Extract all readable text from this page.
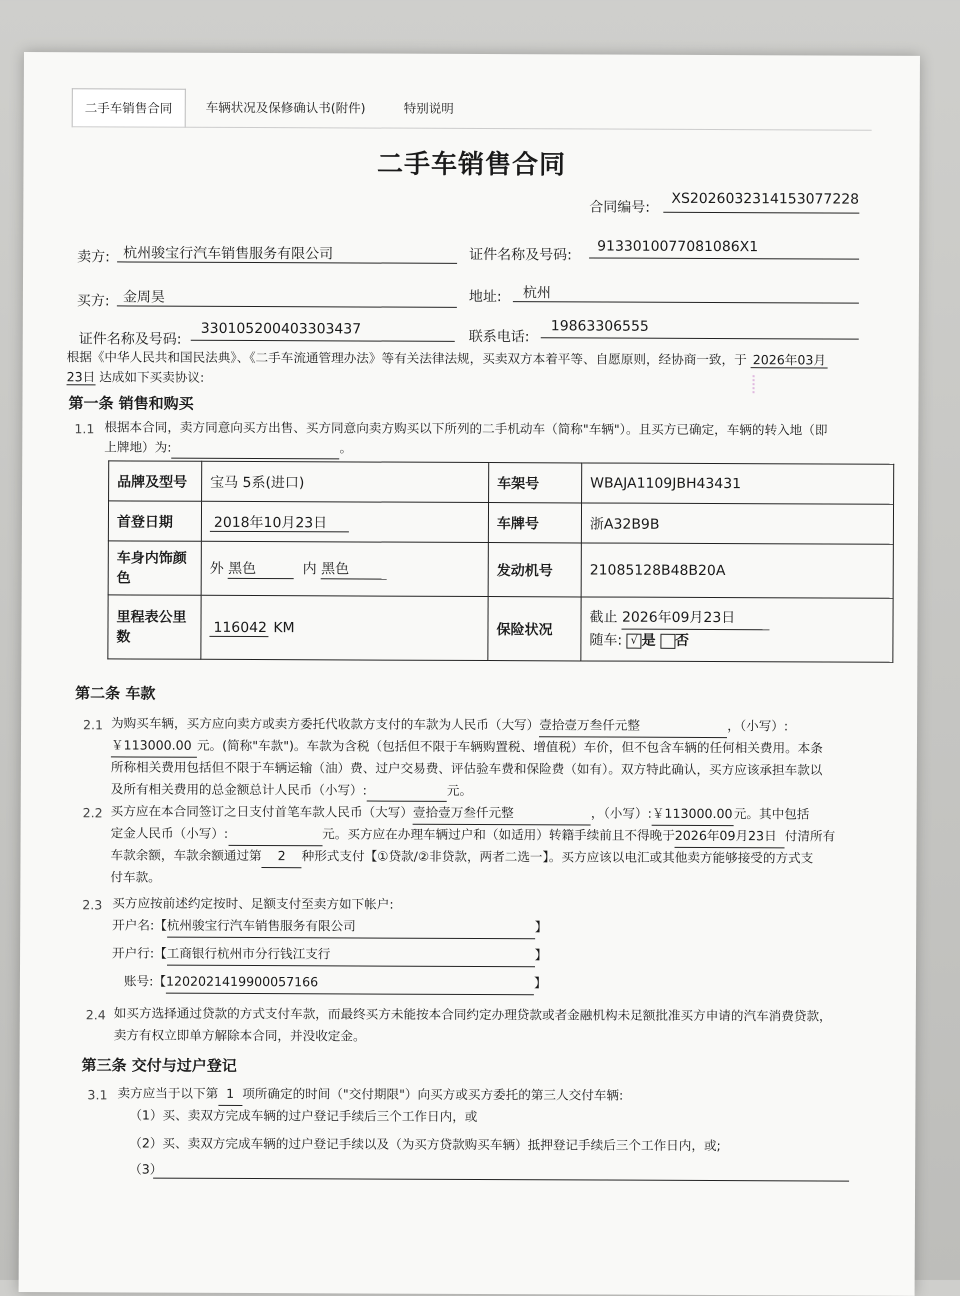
二手车销售合同	车辆状况及保修确认书(附件)	特别说明
二手车销售合同
合同编号: XS2026032314153077228
卖方: 杭州骏宝行汽车销售服务有限公司	证件名称及号码: 913301007708​1086X1
买方: 金周昊	地址: 杭州
证件名称及号码:
330105200403303437	联系电话:
19863306555
根据《中华人民共和国民法典》、《二手车流通管理办法》等有关法律法规，买卖双方本着平等、自愿原则，经协商一致，于 2026年03月
23日 达成如下买卖协议:
第一条 销售和购买
1.1 根据本合同，卖方同意向买方出售、买方同意向卖方购买以下所列的二手机动车（简称"车辆"）。且买方已确定，车辆的转入地（即
上牌地）为:	。
品牌及型号	宝马 5系(进口)	车架号	WBAJA1109JBH43431
首登日期	2018年10月23日	车牌号	浙A32B9B
车身内饰颜色	外 黑色 内 黑色	发动机号	21085128B48B20A
里程表公里数	116042 KM	保险状况	截止 2026年09月23日
随车: √ 是 否
第二条 车款
2.1 为购买车辆，买方应向卖方或卖方委托代收款方支付的车款为人民币（大写）壹拾壹万叁仟元整	，（小写）:
￥113000.00 元。(简称"车款")。车款为含税（包括但不限于车辆购置税、增值税）车价，但不包含车辆的任何相关费用。本条
所称相关费用包括但不限于车辆运输（油）费、过户交易费、评估验车费和保险费（如有）。双方特此确认，买方应该承担车款以
及所有相关费用的总金额总计人民币（小写）:	元。
2.2 买方应在本合同签订之日支付首笔车款人民币（大写）壹拾壹万叁仟元整	，（小写）:￥113000.00元。其中包括
定金人民币（小写）:	元。买方应在办理车辆过户和（如适用）转籍手续前且不得晚于2026年09月23日 付清所有
车款余额，车款余额通过第 2 种形式支付【①贷款/②非贷款，两者二选一】。买方应该以电汇或其他卖方能够接受的方式支
付车款。
2.3 买方应按前述约定按时、足额支付至卖方如下帐户:
开户名:【杭州骏宝行汽车销售服务有限公司	】
开户行:【工商银行杭州市分行钱江支行	】
账号:【1202021419900057166	】
2.4 如买方选择通过贷款的方式支付车款，而最终买方未能按本合同约定办理贷款或者金融机构未足额批准买方申请的汽车消费贷款，
卖方有权立即单方解除本合同，并没收定金。
第三条 交付与过户登记
3.1 卖方应当于以下第 1 项所确定的时间（"交付期限"）向买方或买方委托的第三人交付车辆:
（1）买、卖双方完成车辆的过户登记手续后三个工作日内，或
（2）买、卖双方完成车辆的过户登记手续以及（为买方贷款购买车辆）抵押登记手续后三个工作日内，或;
（3）
